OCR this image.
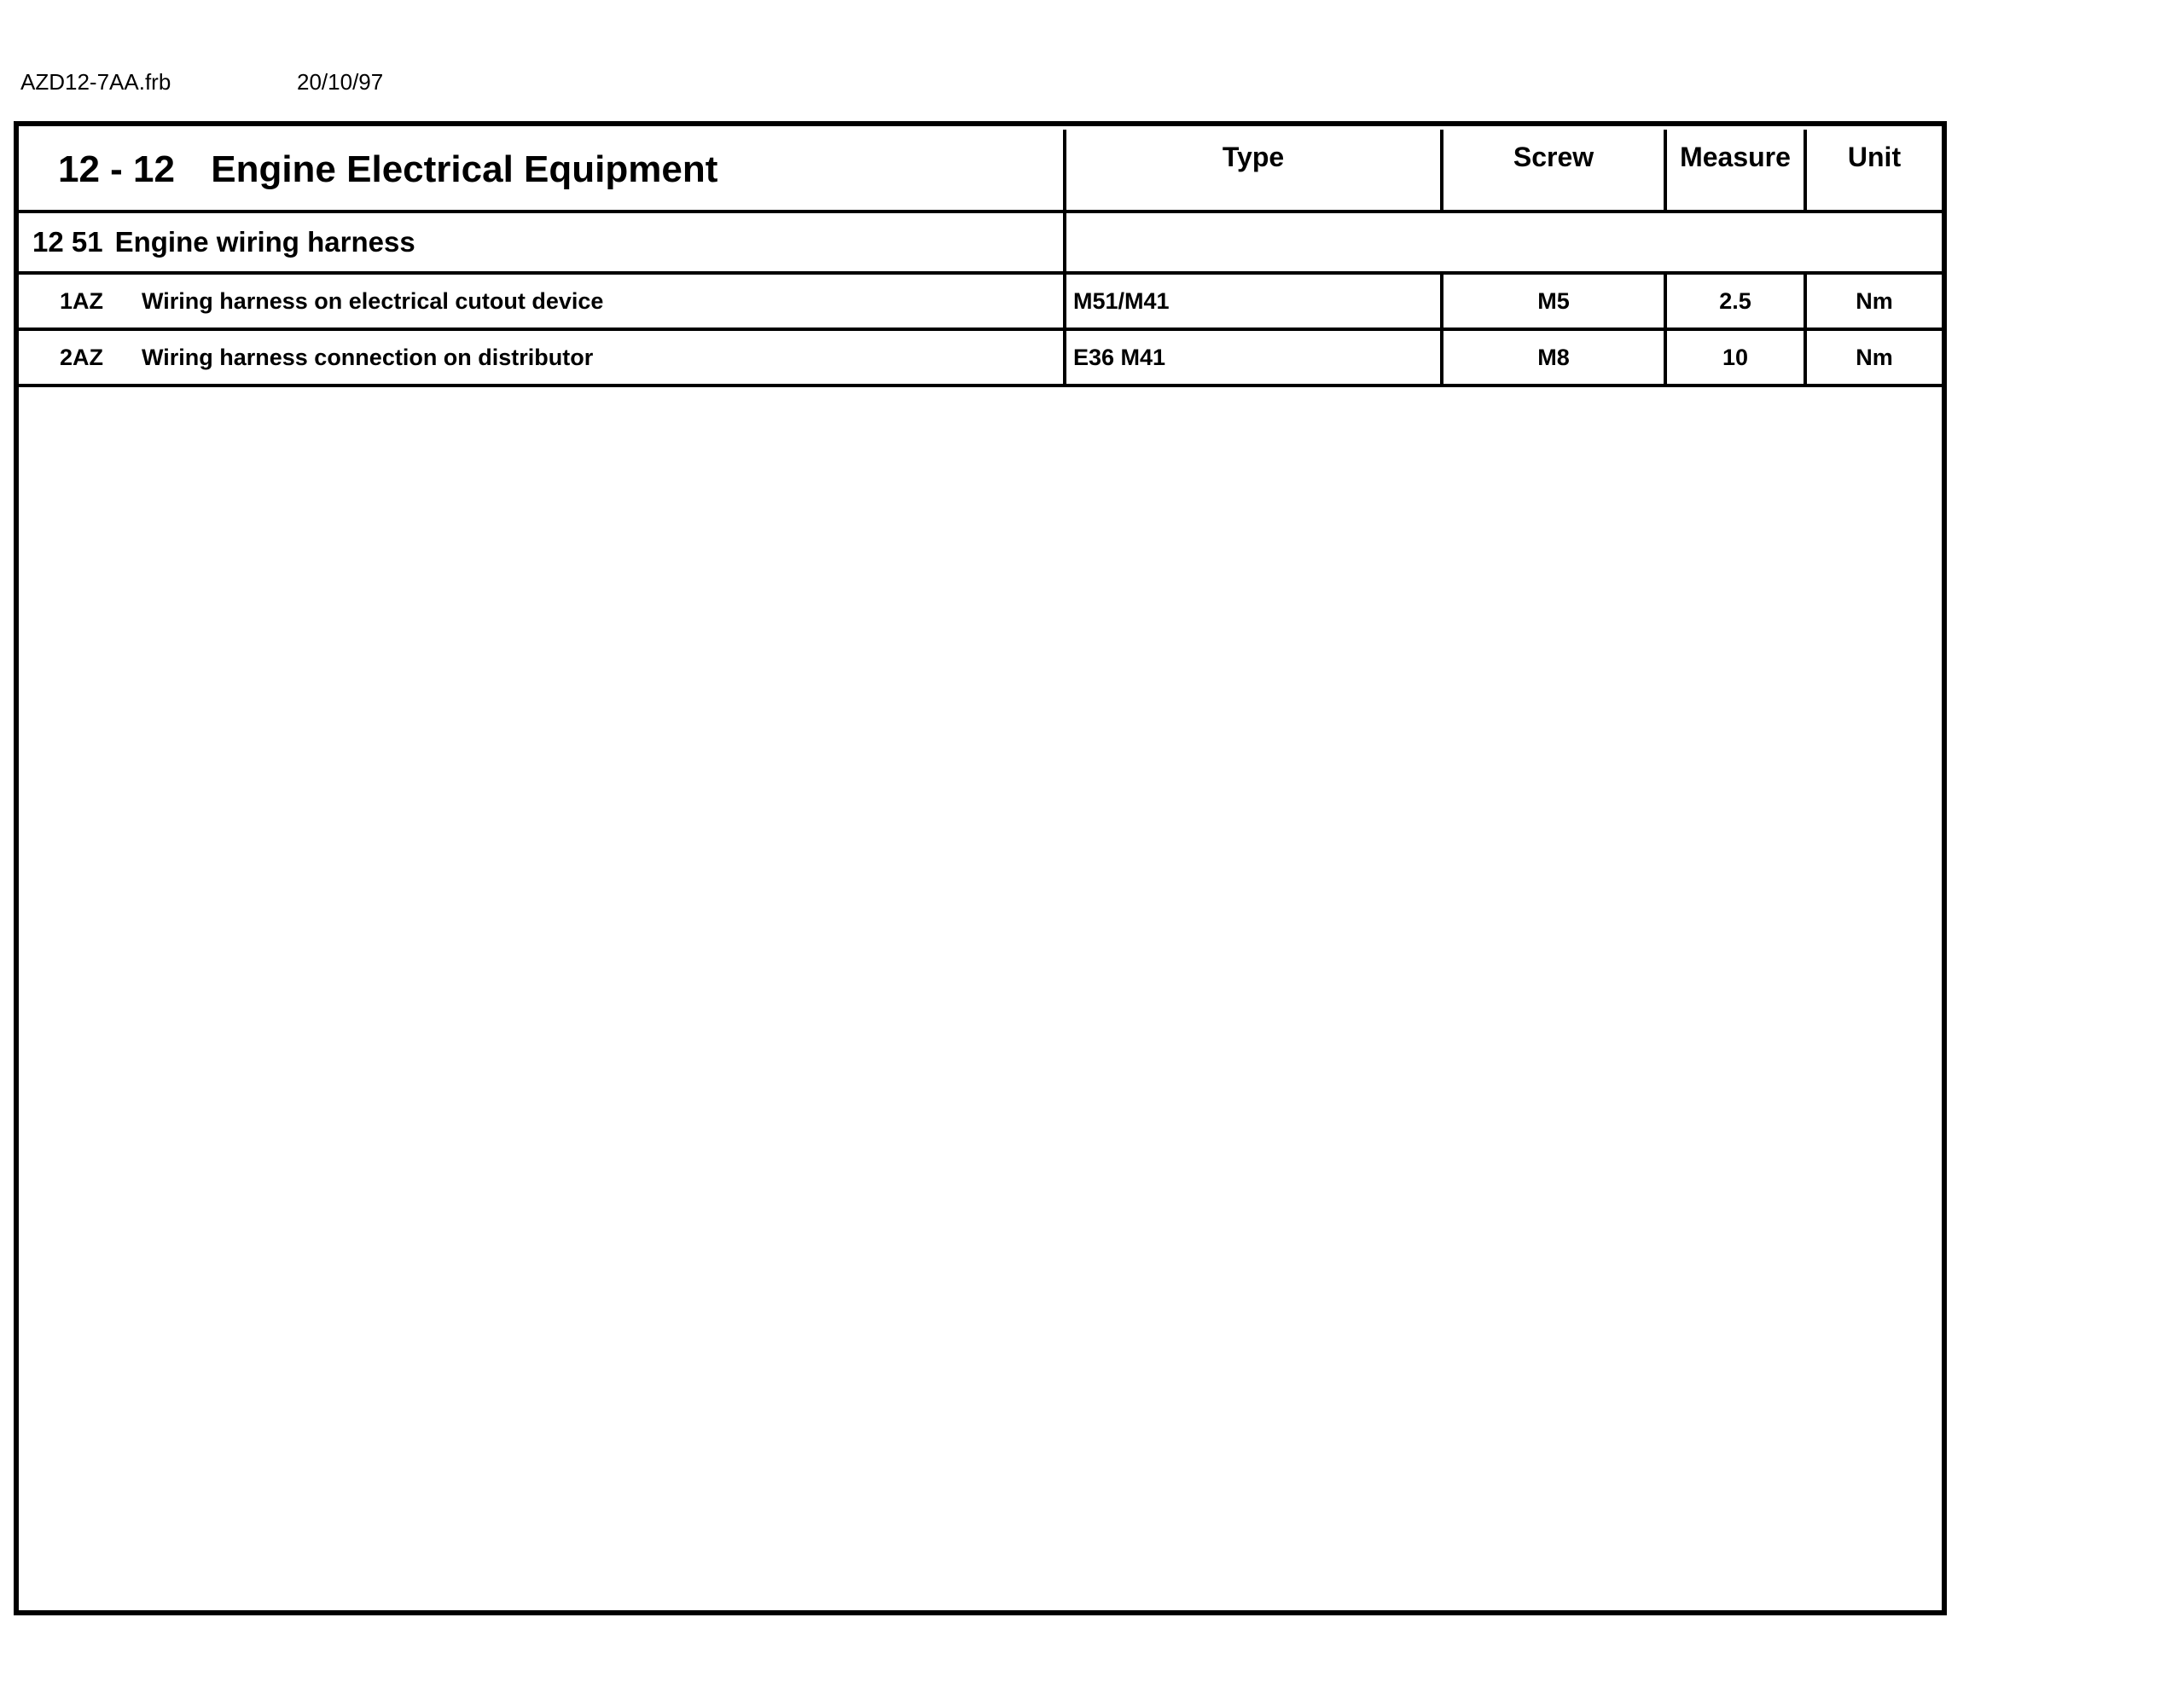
AZD12-7AA.frb	20/10/97
12 - 12 Engine Electrical Equipment	Type	Screw	Measure	Unit
12 51 Engine wiring harness				
1AZ Wiring harness on electrical cutout device	M51/M41	M5	2.5	Nm
2AZ Wiring harness connection on distributor	E36 M41	M8	10	Nm
